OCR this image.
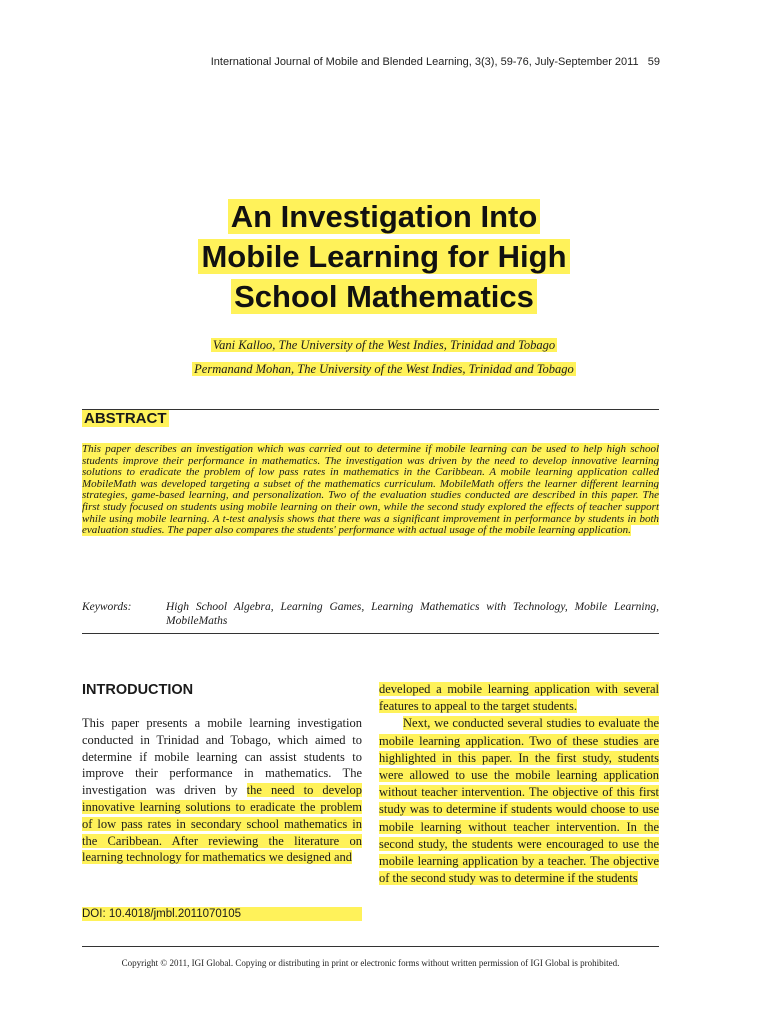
International Journal of Mobile and Blended Learning, 3(3), 59-76, July-September 2011 59
An Investigation Into
Mobile Learning for High
School Mathematics
Vani Kalloo, The University of the West Indies, Trinidad and Tobago
Permanand Mohan, The University of the West Indies, Trinidad and Tobago
ABSTRACT
This paper describes an investigation which was carried out to determine if mobile learning can be used to help high school students improve their performance in mathematics. The investigation was driven by the need to develop innovative learning solutions to eradicate the problem of low pass rates in mathematics in the Caribbean. A mobile learning application called MobileMath was developed targeting a subset of the mathematics curriculum. MobileMath offers the learner different learning strategies, game-based learning, and personalization. Two of the evaluation studies conducted are described in this paper. The first study focused on students using mobile learning on their own, while the second study explored the effects of teacher support while using mobile learning. A t-test analysis shows that there was a significant improvement in performance by students in both evaluation studies. The paper also compares the students' performance with actual usage of the mobile learning application.
Keywords:	High School Algebra, Learning Games, Learning Mathematics with Technology, Mobile Learning, MobileMaths
INTRODUCTION
This paper presents a mobile learning investigation conducted in Trinidad and Tobago, which aimed to determine if mobile learning can assist students to improve their performance in mathematics. The investigation was driven by the need to develop innovative learning solutions to eradicate the problem of low pass rates in secondary school mathematics in the Caribbean. After reviewing the literature on learning technology for mathematics we designed and
DOI: 10.4018/jmbl.2011070105

developed a mobile learning application with several features to appeal to the target students.

Next, we conducted several studies to evaluate the mobile learning application. Two of these studies are highlighted in this paper. In the first study, students were allowed to use the mobile learning application without teacher intervention. The objective of this first study was to determine if students would choose to use mobile learning without teacher intervention. In the second study, the students were encouraged to use the mobile learning application by a teacher. The objective of the second study was to determine if the students

Copyright © 2011, IGI Global. Copying or distributing in print or electronic forms without written permission of IGI Global is prohibited.
